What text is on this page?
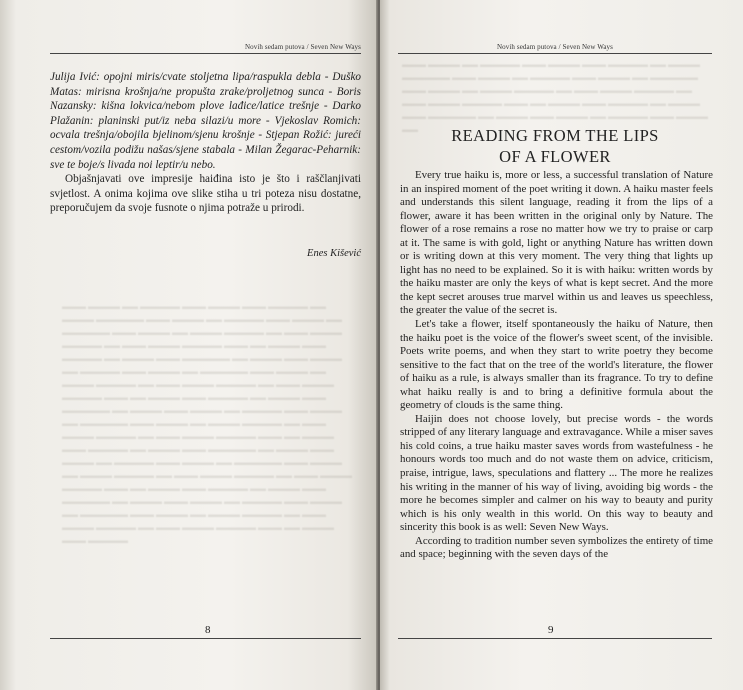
Novih sedam putova / Seven New Ways
▬▬▬ ▬▬▬▬ ▬▬ ▬▬▬▬▬ ▬▬▬ ▬▬▬▬ ▬▬▬ ▬▬▬▬▬ ▬▬ ▬▬▬▬ ▬▬▬▬▬▬ ▬▬▬ ▬▬▬▬ ▬▬ ▬▬▬▬▬ ▬▬▬ ▬▬▬▬ ▬▬ ▬▬▬▬▬▬ ▬▬▬ ▬▬▬▬ ▬▬ ▬▬▬▬ ▬▬▬▬▬ ▬▬ ▬▬▬ ▬▬▬▬ ▬▬▬▬▬ ▬▬ ▬▬▬ ▬▬▬▬ ▬▬▬▬▬ ▬▬▬ ▬▬ ▬▬▬▬ ▬▬▬ ▬▬▬▬▬ ▬▬ ▬▬▬▬ ▬▬▬ ▬▬▬▬▬▬ ▬▬ ▬▬▬▬ ▬▬▬ ▬▬▬▬ ▬▬ ▬▬▬▬▬ ▬▬▬ ▬▬▬▬ ▬▬ ▬▬▬▬▬▬ ▬▬▬ ▬▬▬▬ ▬▬ ▬▬▬▬ ▬▬▬▬▬ ▬▬ ▬▬▬ ▬▬▬▬ ▬▬▬▬▬ ▬▬ ▬▬▬ ▬▬▬▬ ▬▬▬▬▬ ▬▬▬ ▬▬ ▬▬▬▬ ▬▬▬ ▬▬▬▬▬ ▬▬ ▬▬▬▬ ▬▬▬ ▬▬▬▬▬▬ ▬▬ ▬▬▬▬ ▬▬▬ ▬▬▬▬ ▬▬ ▬▬▬▬▬ ▬▬▬ ▬▬▬▬ ▬▬ ▬▬▬▬▬▬ ▬▬▬ ▬▬▬▬ ▬▬ ▬▬▬▬ ▬▬▬▬▬ ▬▬ ▬▬▬ ▬▬▬▬ ▬▬▬▬▬ ▬▬ ▬▬▬ ▬▬▬▬ ▬▬▬▬▬ ▬▬▬ ▬▬ ▬▬▬▬ ▬▬▬ ▬▬▬▬▬ ▬▬ ▬▬▬▬ ▬▬▬ ▬▬▬▬▬▬ ▬▬ ▬▬▬▬ ▬▬▬ ▬▬▬▬ ▬▬ ▬▬▬▬▬ ▬▬▬ ▬▬▬▬ ▬▬ ▬▬▬▬▬▬ ▬▬▬ ▬▬▬▬ ▬▬ ▬▬▬▬ ▬▬▬▬▬ ▬▬ ▬▬▬ ▬▬▬▬ ▬▬▬▬▬ ▬▬ ▬▬▬ ▬▬▬▬ ▬▬▬▬▬ ▬▬▬ ▬▬ ▬▬▬▬ ▬▬▬ ▬▬▬▬▬ ▬▬ ▬▬▬▬ ▬▬▬ ▬▬▬▬▬▬ ▬▬ ▬▬▬▬ ▬▬▬ ▬▬▬▬ ▬▬ ▬▬▬▬▬ ▬▬▬ ▬▬▬▬ ▬▬ ▬▬▬▬▬▬ ▬▬▬ ▬▬▬▬ ▬▬ ▬▬▬▬ ▬▬▬▬▬ ▬▬ ▬▬▬ ▬▬▬▬ ▬▬▬▬▬ ▬▬ ▬▬▬ ▬▬▬▬ ▬▬▬▬▬ ▬▬▬ ▬▬ ▬▬▬▬ ▬▬▬ ▬▬▬▬▬

Julija Ivić: opojni miris/cvate stoljetna lipa/raspukla debla - Duško Matas: mirisna krošnja/ne propušta zrake/proljetnog sunca - Boris Nazansky: kišna lokvica/nebom plove lađice/latice trešnje - Darko Plažanin: planinski put/iz neba silazi/u more - Vjekoslav Romich: ocvala trešnja/obojila bjelinom/sjenu krošnje - Stjepan Rožić: jureći cestom/vozila podižu našas/sjene stabala - Milan Žegarac-Peharnik: sve te boje/s livada noi leptir/u nebo.

Objašnjavati ove impresije haiđina isto je što i raščlanjivati svjetlost. A onima kojima ove slike stiha u tri poteza nisu dostatne, preporučujem da svoje fusnote o njima potraže u prirodi.

Enes Kišević
8
Novih sedam putova / Seven New Ways
▬▬▬ ▬▬▬▬ ▬▬ ▬▬▬▬▬ ▬▬▬ ▬▬▬▬ ▬▬▬ ▬▬▬▬▬ ▬▬ ▬▬▬▬ ▬▬▬▬▬▬ ▬▬▬ ▬▬▬▬ ▬▬ ▬▬▬▬▬ ▬▬▬ ▬▬▬▬ ▬▬ ▬▬▬▬▬▬ ▬▬▬ ▬▬▬▬ ▬▬ ▬▬▬▬ ▬▬▬▬▬ ▬▬ ▬▬▬ ▬▬▬▬ ▬▬▬▬▬ ▬▬ ▬▬▬ ▬▬▬▬ ▬▬▬▬▬ ▬▬▬ ▬▬ ▬▬▬▬ ▬▬▬ ▬▬▬▬▬ ▬▬ ▬▬▬▬ ▬▬▬ ▬▬▬▬▬▬ ▬▬ ▬▬▬▬ ▬▬▬ ▬▬▬▬ ▬▬ ▬▬▬▬▬ ▬▬▬ ▬▬▬▬ ▬▬	READING FROM THE LIPS
OF A FLOWER

Every true haiku is, more or less, a successful translation of Nature in an inspired moment of the poet writing it down. A haiku master feels and understands this silent language, reading it from the lips of a flower, aware it has been written in the original only by Nature. The flower of a rose remains a rose no matter how we try to praise or carp at it. The same is with gold, light or anything Nature has written down or is writing down at this very moment. The very thing that lights up light has no need to be explained. So it is with haiku: written words by the haiku master are only the keys of what is kept secret. And the more the kept secret arouses true marvel within us and leaves us speechless, the greater the value of the secret is.

Let's take a flower, itself spontaneously the haiku of Nature, then the haiku poet is the voice of the flower's sweet scent, of the invisible. Poets write poems, and when they start to write poetry they become sensitive to the fact that on the tree of the world's literature, the flower of haiku as a rule, is always smaller than its fragrance. To try to define what haiku really is and to bring a definitive formula about the geometry of clouds is the same thing.

Haijin does not choose lovely, but precise words - the words stripped of any literary language and extravagance. While a miser saves his cold coins, a true haiku master saves words from wastefulness - he honours words too much and do not waste them on advice, criticism, praise, intrigue, laws, speculations and flattery ... The more he realizes his writing in the manner of his way of living, avoiding big words - the more he becomes simpler and calmer on his way to beauty and purity which is his only wealth in this world. On this way to beauty and sincerity this book is as well: Seven New Ways.

According to tradition number seven symbolizes the entirety of time and space; beginning with the seven days of the

9
